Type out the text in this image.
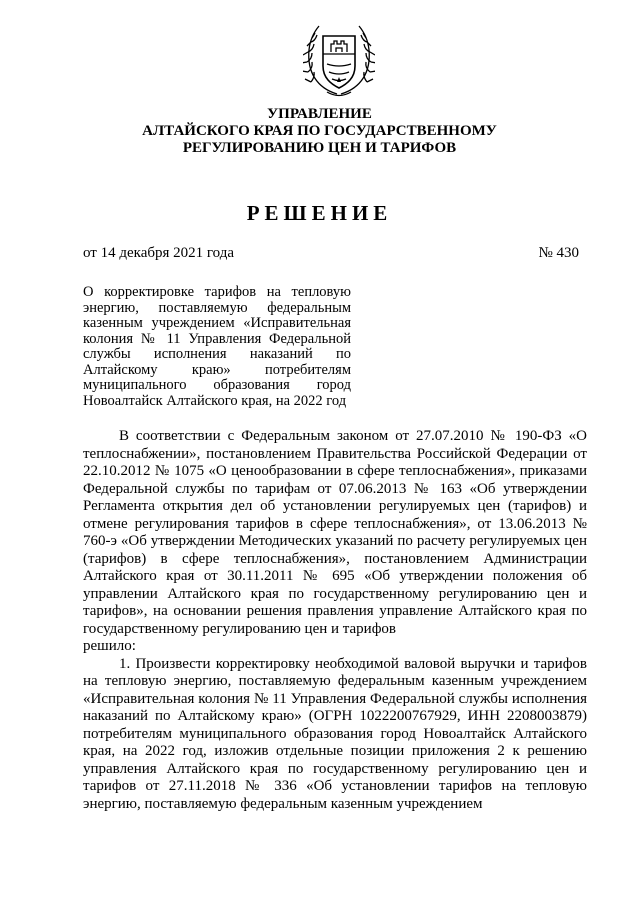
УПРАВЛЕНИЕ
АЛТАЙСКОГО КРАЯ ПО ГОСУДАРСТВЕННОМУ
РЕГУЛИРОВАНИЮ ЦЕН И ТАРИФОВ
РЕШЕНИЕ
от 14 декабря 2021 года	№ 430
О корректировке тарифов на тепловую энергию, поставляемую федеральным казенным учреждением «Исправительная колония № 11 Управления Федеральной службы исполнения наказаний по Алтайскому краю» потребителям муниципального образования город Новоалтайск Алтайского края, на 2022 год

В соответствии с Федеральным законом от 27.07.2010 № 190-ФЗ «О теплоснабжении», постановлением Правительства Российской Федерации от 22.10.2012 № 1075 «О ценообразовании в сфере теплоснабжения», приказами Федеральной службы по тарифам от 07.06.2013 № 163 «Об утверждении Регламента открытия дел об установлении регулируемых цен (тарифов) и отмене регулирования тарифов в сфере теплоснабжения», от 13.06.2013 № 760-э «Об утверждении Методических указаний по расчету регулируемых цен (тарифов) в сфере теплоснабжения», постановлением Администрации Алтайского края от 30.11.2011 № 695 «Об утверждении положения об управлении Алтайского края по государственному регулированию цен и тарифов», на основании решения правления управление Алтайского края по государственному регулированию цен и тарифов

решило:

1. Произвести корректировку необходимой валовой выручки и тарифов на тепловую энергию, поставляемую федеральным казенным учреждением «Исправительная колония № 11 Управления Федеральной службы исполнения наказаний по Алтайскому краю» (ОГРН 1022200767929, ИНН 2208003879) потребителям муниципального образования город Новоалтайск Алтайского края, на 2022 год, изложив отдельные позиции приложения 2 к решению управления Алтайского края по государственному регулированию цен и тарифов от 27.11.2018 № 336 «Об установлении тарифов на тепловую энергию, поставляемую федеральным казенным учреждением
